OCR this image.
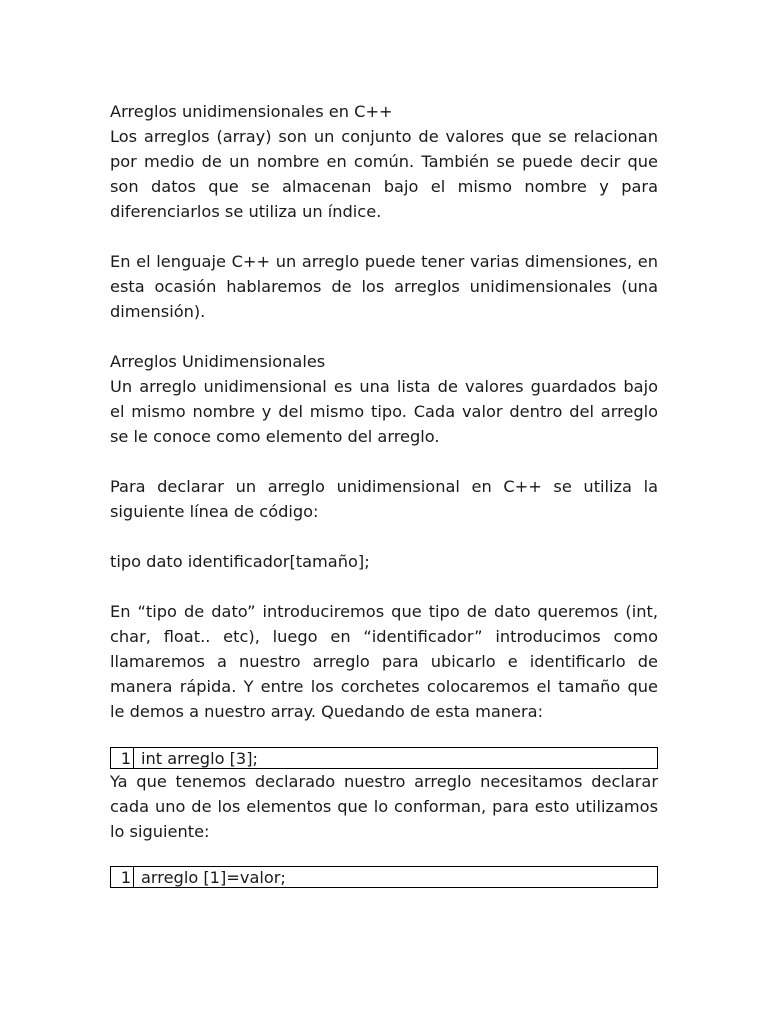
Arreglos unidimensionales en C++

Los arreglos (array) son un conjunto de valores que se relacionan por medio de un nombre en común. También se puede decir que son datos que se almacenan bajo el mismo nombre y para diferenciarlos se utiliza un índice.

En el lenguaje C++ un arreglo puede tener varias dimensiones, en esta ocasión hablaremos de los arreglos unidimensionales (una dimensión).

Arreglos Unidimensionales

Un arreglo unidimensional es una lista de valores guardados bajo el mismo nombre y del mismo tipo. Cada valor dentro del arreglo se le conoce como elemento del arreglo.

Para declarar un arreglo unidimensional en C++ se utiliza la siguiente línea de código:

tipo dato identificador[tamaño];

En “tipo de dato” introduciremos que tipo de dato queremos (int, char, float.. etc), luego en “identificador” introducimos como llamaremos a nuestro arreglo para ubicarlo e identificarlo de manera rápida. Y entre los corchetes colocaremos el tamaño que le demos a nuestro array. Quedando de esta manera:

1 int arreglo [3];

Ya que tenemos declarado nuestro arreglo necesitamos declarar cada uno de los elementos que lo conforman, para esto utilizamos lo siguiente:

1 arreglo [1]=valor;
